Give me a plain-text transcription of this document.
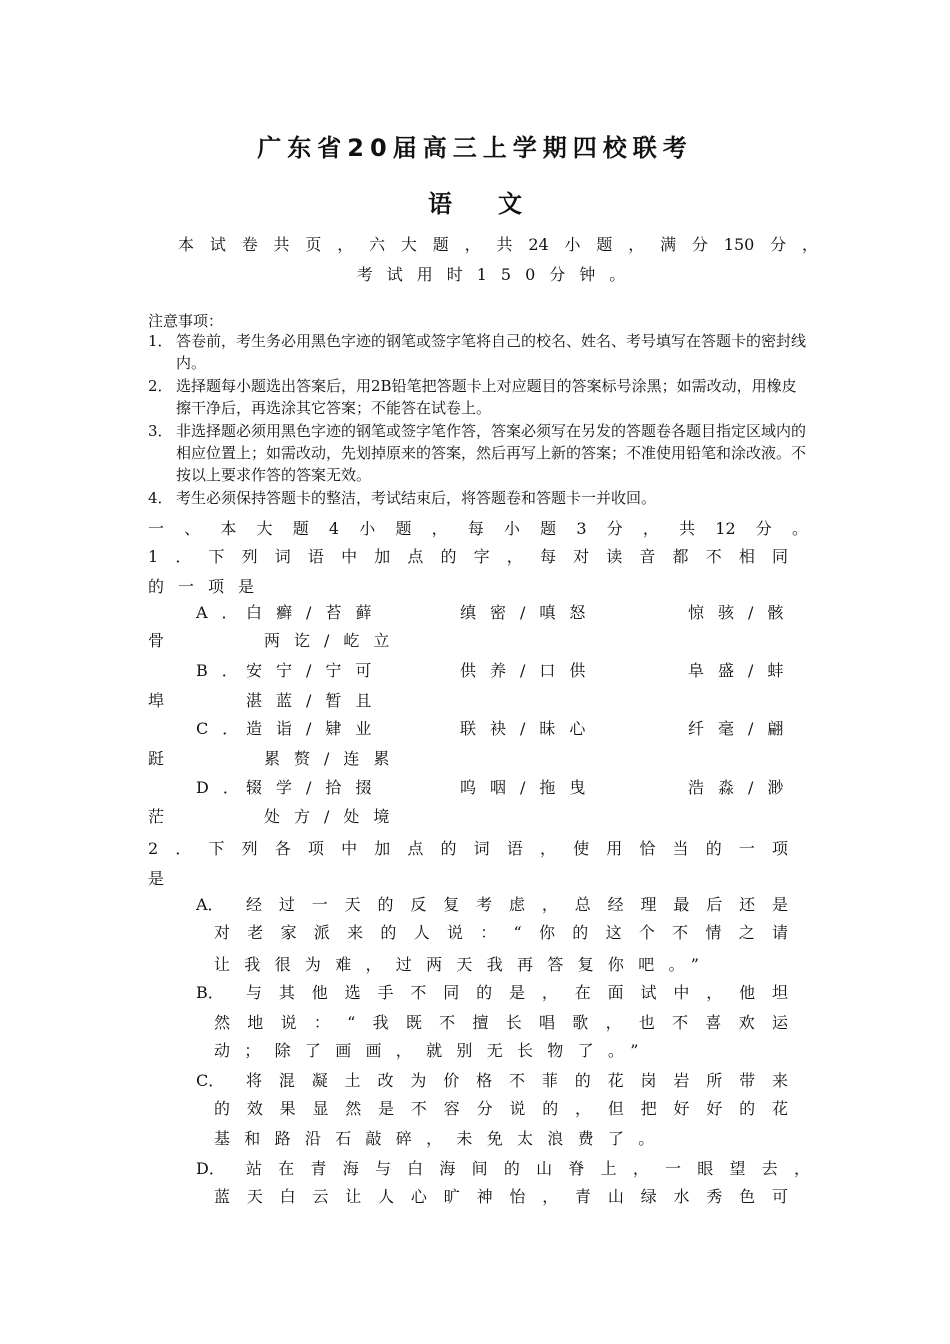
广东省20届高三上学期四校联考
语文

本试卷共页，六大题，共24小题，满分150分，

考试用时150分钟。

注意事项：

1． 答卷前，考生务必用黑色字迹的钢笔或签字笔将自己的校名、姓名、考号填写在答题卡的密封线内。
2． 选择题每小题选出答案后，用2B铅笔把答题卡上对应题目的答案标号涂黑；如需改动，用橡皮擦干净后，再选涂其它答案；不能答在试卷上。
3． 非选择题必须用黑色字迹的钢笔或签字笔作答，答案必须写在另发的答题卷各题目指定区域内的相应位置上；如需改动，先划掉原来的答案，然后再写上新的答案；不准使用铅笔和涂改液。不按以上要求作答的答案无效。
4． 考生必须保持答题卡的整洁，考试结束后，将答题卷和答题卡一并收回。

一、本大题4小题，每小题3分，共12分。

1．下列词语中加点的字，每对读音都不相同

的一项是

A．
白癣/苔藓	缜密/嗔怒	惊骇/骸
骨	两讫/屹立
B．
安宁/宁可	供养/口供	阜盛/蚌
埠	湛蓝/暂且
C．
造诣/肄业	联袂/昧心	纤毫/翩
跹	累赘/连累
D．
辍学/拾掇	呜咽/拖曳	浩淼/渺
茫	处方/处境

2．下列各项中加点的词语，使用恰当的一项

是

A． 经过一天的反复考虑，总经理最后还是

对老家派来的人说：“你的这个不情之请

让我很为难，过两天我再答复你吧。”

B． 与其他选手不同的是，在面试中，他坦

然地说：“我既不擅长唱歌，也不喜欢运

动；除了画画，就别无长物了。”

C． 将混凝土改为价格不菲的花岗岩所带来

的效果显然是不容分说的，但把好好的花

基和路沿石敲碎，未免太浪费了。

D． 站在青海与白海间的山脊上，一眼望去，

蓝天白云让人心旷神怡，青山绿水秀色可
